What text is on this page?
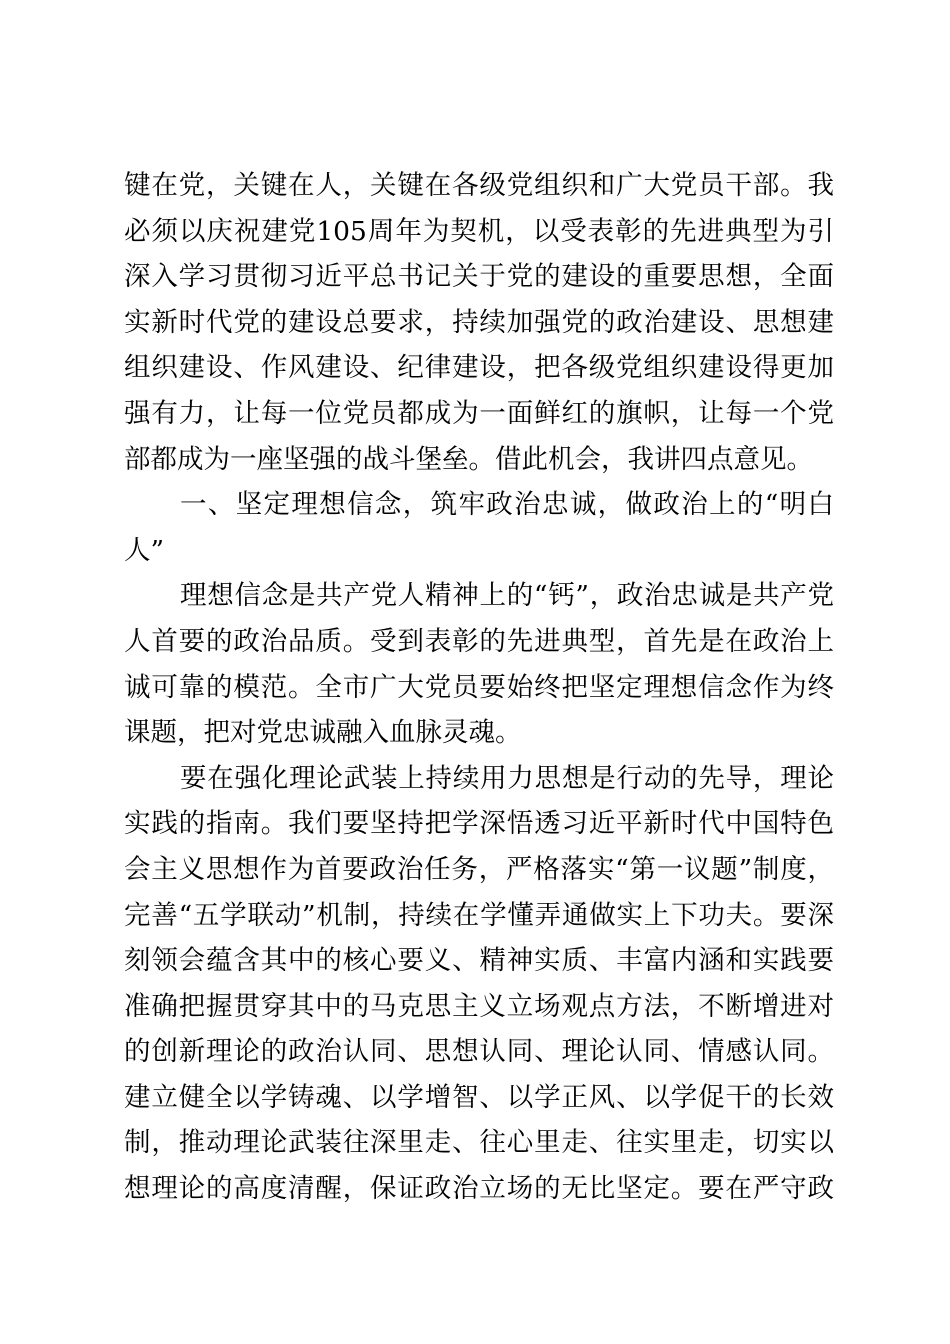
键在党，关键在人，关键在各级党组织和广大党员干部。我
必须以庆祝建党105周年为契机，以受表彰的先进典型为引
深入学习贯彻习近平总书记关于党的建设的重要思想，全面
实新时代党的建设总要求，持续加强党的政治建设、思想建
组织建设、作风建设、纪律建设，把各级党组织建设得更加
强有力，让每一位党员都成为一面鲜红的旗帜，让每一个党
部都成为一座坚强的战斗堡垒。借此机会，我讲四点意见。
一、坚定理想信念，筑牢政治忠诚，做政治上的“明白
人”
理想信念是共产党人精神上的“钙”，政治忠诚是共产党
人首要的政治品质。受到表彰的先进典型，首先是在政治上
诚可靠的模范。全市广大党员要始终把坚定理想信念作为终
课题，把对党忠诚融入血脉灵魂。
要在强化理论武装上持续用力思想是行动的先导，理论
实践的指南。我们要坚持把学深悟透习近平新时代中国特色
会主义思想作为首要政治任务，严格落实“第一议题”制度，
完善“五学联动”机制，持续在学懂弄通做实上下功夫。要深
刻领会蕴含其中的核心要义、精神实质、丰富内涵和实践要
准确把握贯穿其中的马克思主义立场观点方法，不断增进对
的创新理论的政治认同、思想认同、理论认同、情感认同。
建立健全以学铸魂、以学增智、以学正风、以学促干的长效
制，推动理论武装往深里走、往心里走、往实里走，切实以
想理论的高度清醒，保证政治立场的无比坚定。要在严守政
